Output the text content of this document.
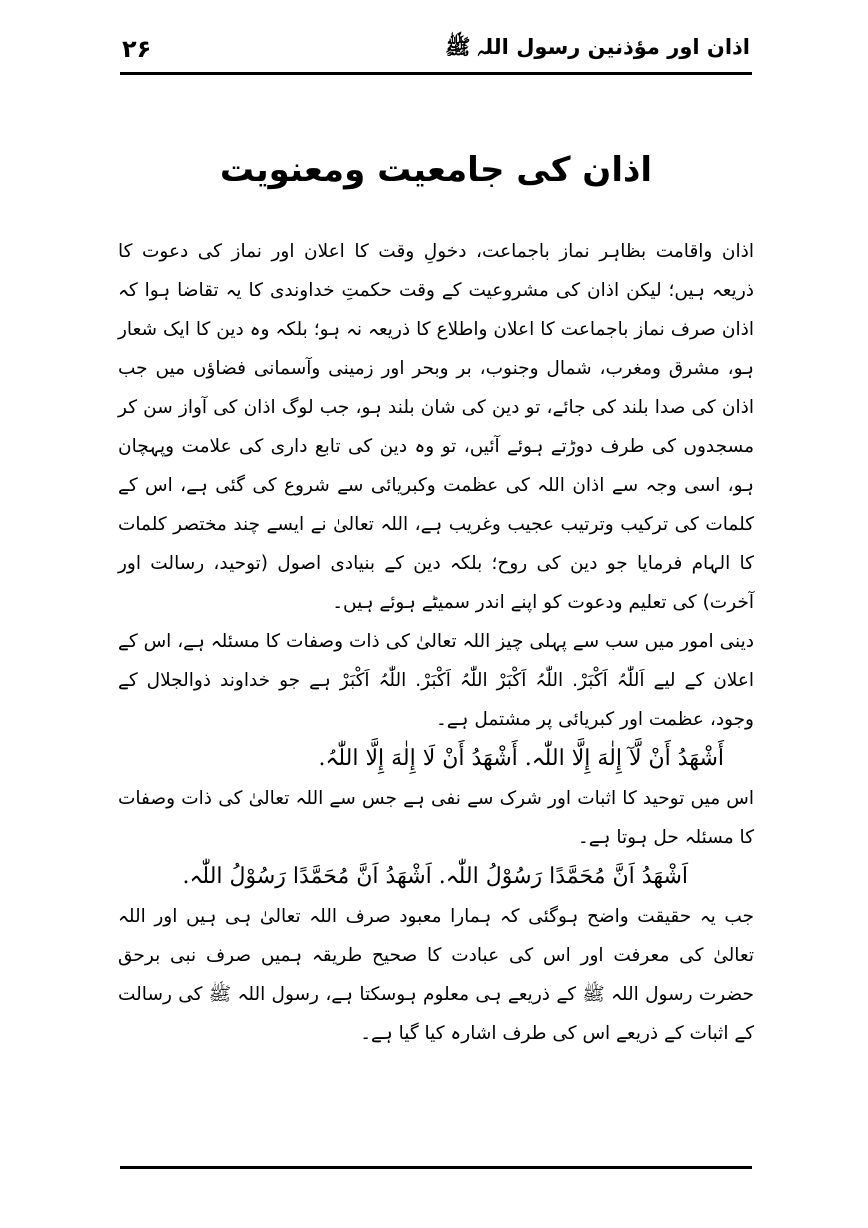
۲۶	اذان اور مؤذنین رسول اللہ ﷺ
اذان کی جامعیت ومعنویت

اذان واقامت بظاہر نماز باجماعت، دخولِ وقت کا اعلان اور نماز کی دعوت کا ذریعہ ہیں؛ لیکن اذان کی مشروعیت کے وقت حکمتِ خداوندی کا یہ تقاضا ہوا کہ اذان صرف نماز باجماعت کا اعلان واطلاع کا ذریعہ نہ ہو؛ بلکہ وہ دین کا ایک شعار ہو، مشرق ومغرب، شمال وجنوب، بر وبحر اور زمینی وآسمانی فضاؤں میں جب اذان کی صدا بلند کی جائے، تو دین کی شان بلند ہو، جب لوگ اذان کی آواز سن کر مسجدوں کی طرف دوڑتے ہوئے آئیں، تو وہ دین کی تابع داری کی علامت وپہچان ہو، اسی وجہ سے اذان اللہ کی عظمت وکبریائی سے شروع کی گئی ہے، اس کے کلمات کی ترکیب وترتیب عجیب وغریب ہے، اللہ تعالیٰ نے ایسے چند مختصر کلمات کا الہام فرمایا جو دین کی روح؛ بلکہ دین کے بنیادی اصول (توحید، رسالت اور آخرت) کی تعلیم ودعوت کو اپنے اندر سمیٹے ہوئے ہیں۔

دینی امور میں سب سے پہلی چیز اللہ تعالیٰ کی ذات وصفات کا مسئلہ ہے، اس کے اعلان کے لیے اَللّٰہُ اَکْبَرْ. اللّٰہُ اَکْبَرْ اللّٰہُ اَکْبَرْ. اللّٰہُ اَکْبَرْ ہے جو خداوند ذوالجلال کے وجود، عظمت اور کبریائی پر مشتمل ہے۔

أَشْهَدُ أَنْ لَّآ إِلٰهَ إِلَّا اللّٰہ. أَشْهَدُ أَنْ لَا إِلٰهَ إِلَّا اللّٰہُ.

اس میں توحید کا اثبات اور شرک سے نفی ہے جس سے اللہ تعالیٰ کی ذات وصفات کا مسئلہ حل ہوتا ہے۔

اَشْهَدُ اَنَّ مُحَمَّدًا رَسُوْلُ اللّٰہ. اَشْهَدُ اَنَّ مُحَمَّدًا رَسُوْلُ اللّٰہ.

جب یہ حقیقت واضح ہوگئی کہ ہمارا معبود صرف اللہ تعالیٰ ہی ہیں اور اللہ تعالیٰ کی معرفت اور اس کی عبادت کا صحیح طریقہ ہمیں صرف نبی برحق حضرت رسول اللہ ﷺ کے ذریعے ہی معلوم ہوسکتا ہے، رسول اللہ ﷺ کی رسالت کے اثبات کے ذریعے اس کی طرف اشارہ کیا گیا ہے۔
